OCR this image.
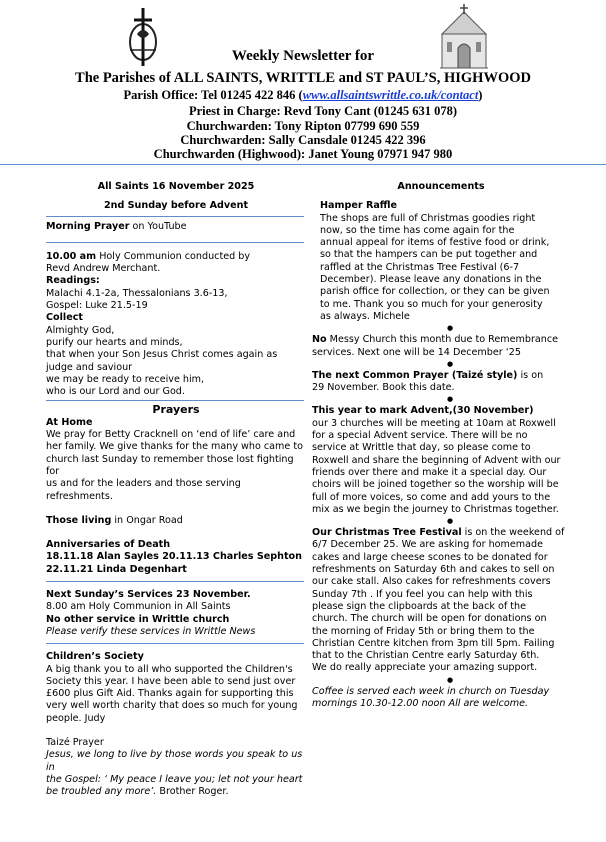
Weekly Newsletter for
The Parishes of ALL SAINTS, WRITTLE and ST PAUL’S, HIGHWOOD
Parish Office: Tel 01245 422 846 (www.allsaintswrittle.co.uk/contact)
Priest in Charge: Revd Tony Cant (01245 631 078)
Churchwarden: Tony Ripton 07799 690 559
Churchwarden: Sally Cansdale 01245 422 396
Churchwarden (Highwood): Janet Young 07971 947 980

All Saints 16 November 2025

2nd Sunday before Advent

Morning Prayer on YouTube

10.00 am Holy Communion conducted by

Revd Andrew Merchant.

Readings:

Malachi 4.1-2a, Thessalonians 3.6-13,

Gospel: Luke 21.5-19

Collect

Almighty God,

purify our hearts and minds,

that when your Son Jesus Christ comes again as

judge and saviour

we may be ready to receive him,

who is our Lord and our God.

Prayers

At Home

We pray for Betty Cracknell on ‘end of life’ care and

her family. We give thanks for the many who came to

church last Sunday to remember those lost fighting for

us and for the leaders and those serving refreshments.

Those living in Ongar Road

Anniversaries of Death

18.11.18 Alan Sayles 20.11.13 Charles Sephton

22.11.21 Linda Degenhart

Next Sunday’s Services 23 November.

8.00 am Holy Communion in All Saints

No other service in Writtle church

Please verify these services in Writtle News

Children’s Society

A big thank you to all who supported the Children's

Society this year. I have been able to send just over

£600 plus Gift Aid. Thanks again for supporting this

very well worth charity that does so much for young

people. Judy

Taizé Prayer

Jesus, we long to live by those words you speak to us in

the Gospel: ‘ My peace I leave you; let not your heart

be troubled any more’. Brother Roger.

Announcements

Hamper Raffle

The shops are full of Christmas goodies right

now, so the time has come again for the

annual appeal for items of festive food or drink,

so that the hampers can be put together and

raffled at the Christmas Tree Festival (6-7

December). Please leave any donations in the

parish office for collection, or they can be given

to me. Thank you so much for your generosity

as always. Michele

●

No Messy Church this month due to Remembrance

services. Next one will be 14 December ‘25

●

The next Common Prayer (Taizé style) is on

29 November. Book this date.

●

This year to mark Advent,(30 November)

our 3 churches will be meeting at 10am at Roxwell

for a special Advent service. There will be no

service at Writtle that day, so please come to

Roxwell and share the beginning of Advent with our

friends over there and make it a special day. Our

choirs will be joined together so the worship will be

full of more voices, so come and add yours to the

mix as we begin the journey to Christmas together.

●

Our Christmas Tree Festival is on the weekend of

6/7 December 25. We are asking for homemade

cakes and large cheese scones to be donated for

refreshments on Saturday 6th and cakes to sell on

our cake stall. Also cakes for refreshments covers

Sunday 7th . If you feel you can help with this

please sign the clipboards at the back of the

church. The church will be open for donations on

the morning of Friday 5th or bring them to the

Christian Centre kitchen from 3pm till 5pm. Failing

that to the Christian Centre early Saturday 6th.

We do really appreciate your amazing support.

●

Coffee is served each week in church on Tuesday

mornings 10.30-12.00 noon All are welcome.
